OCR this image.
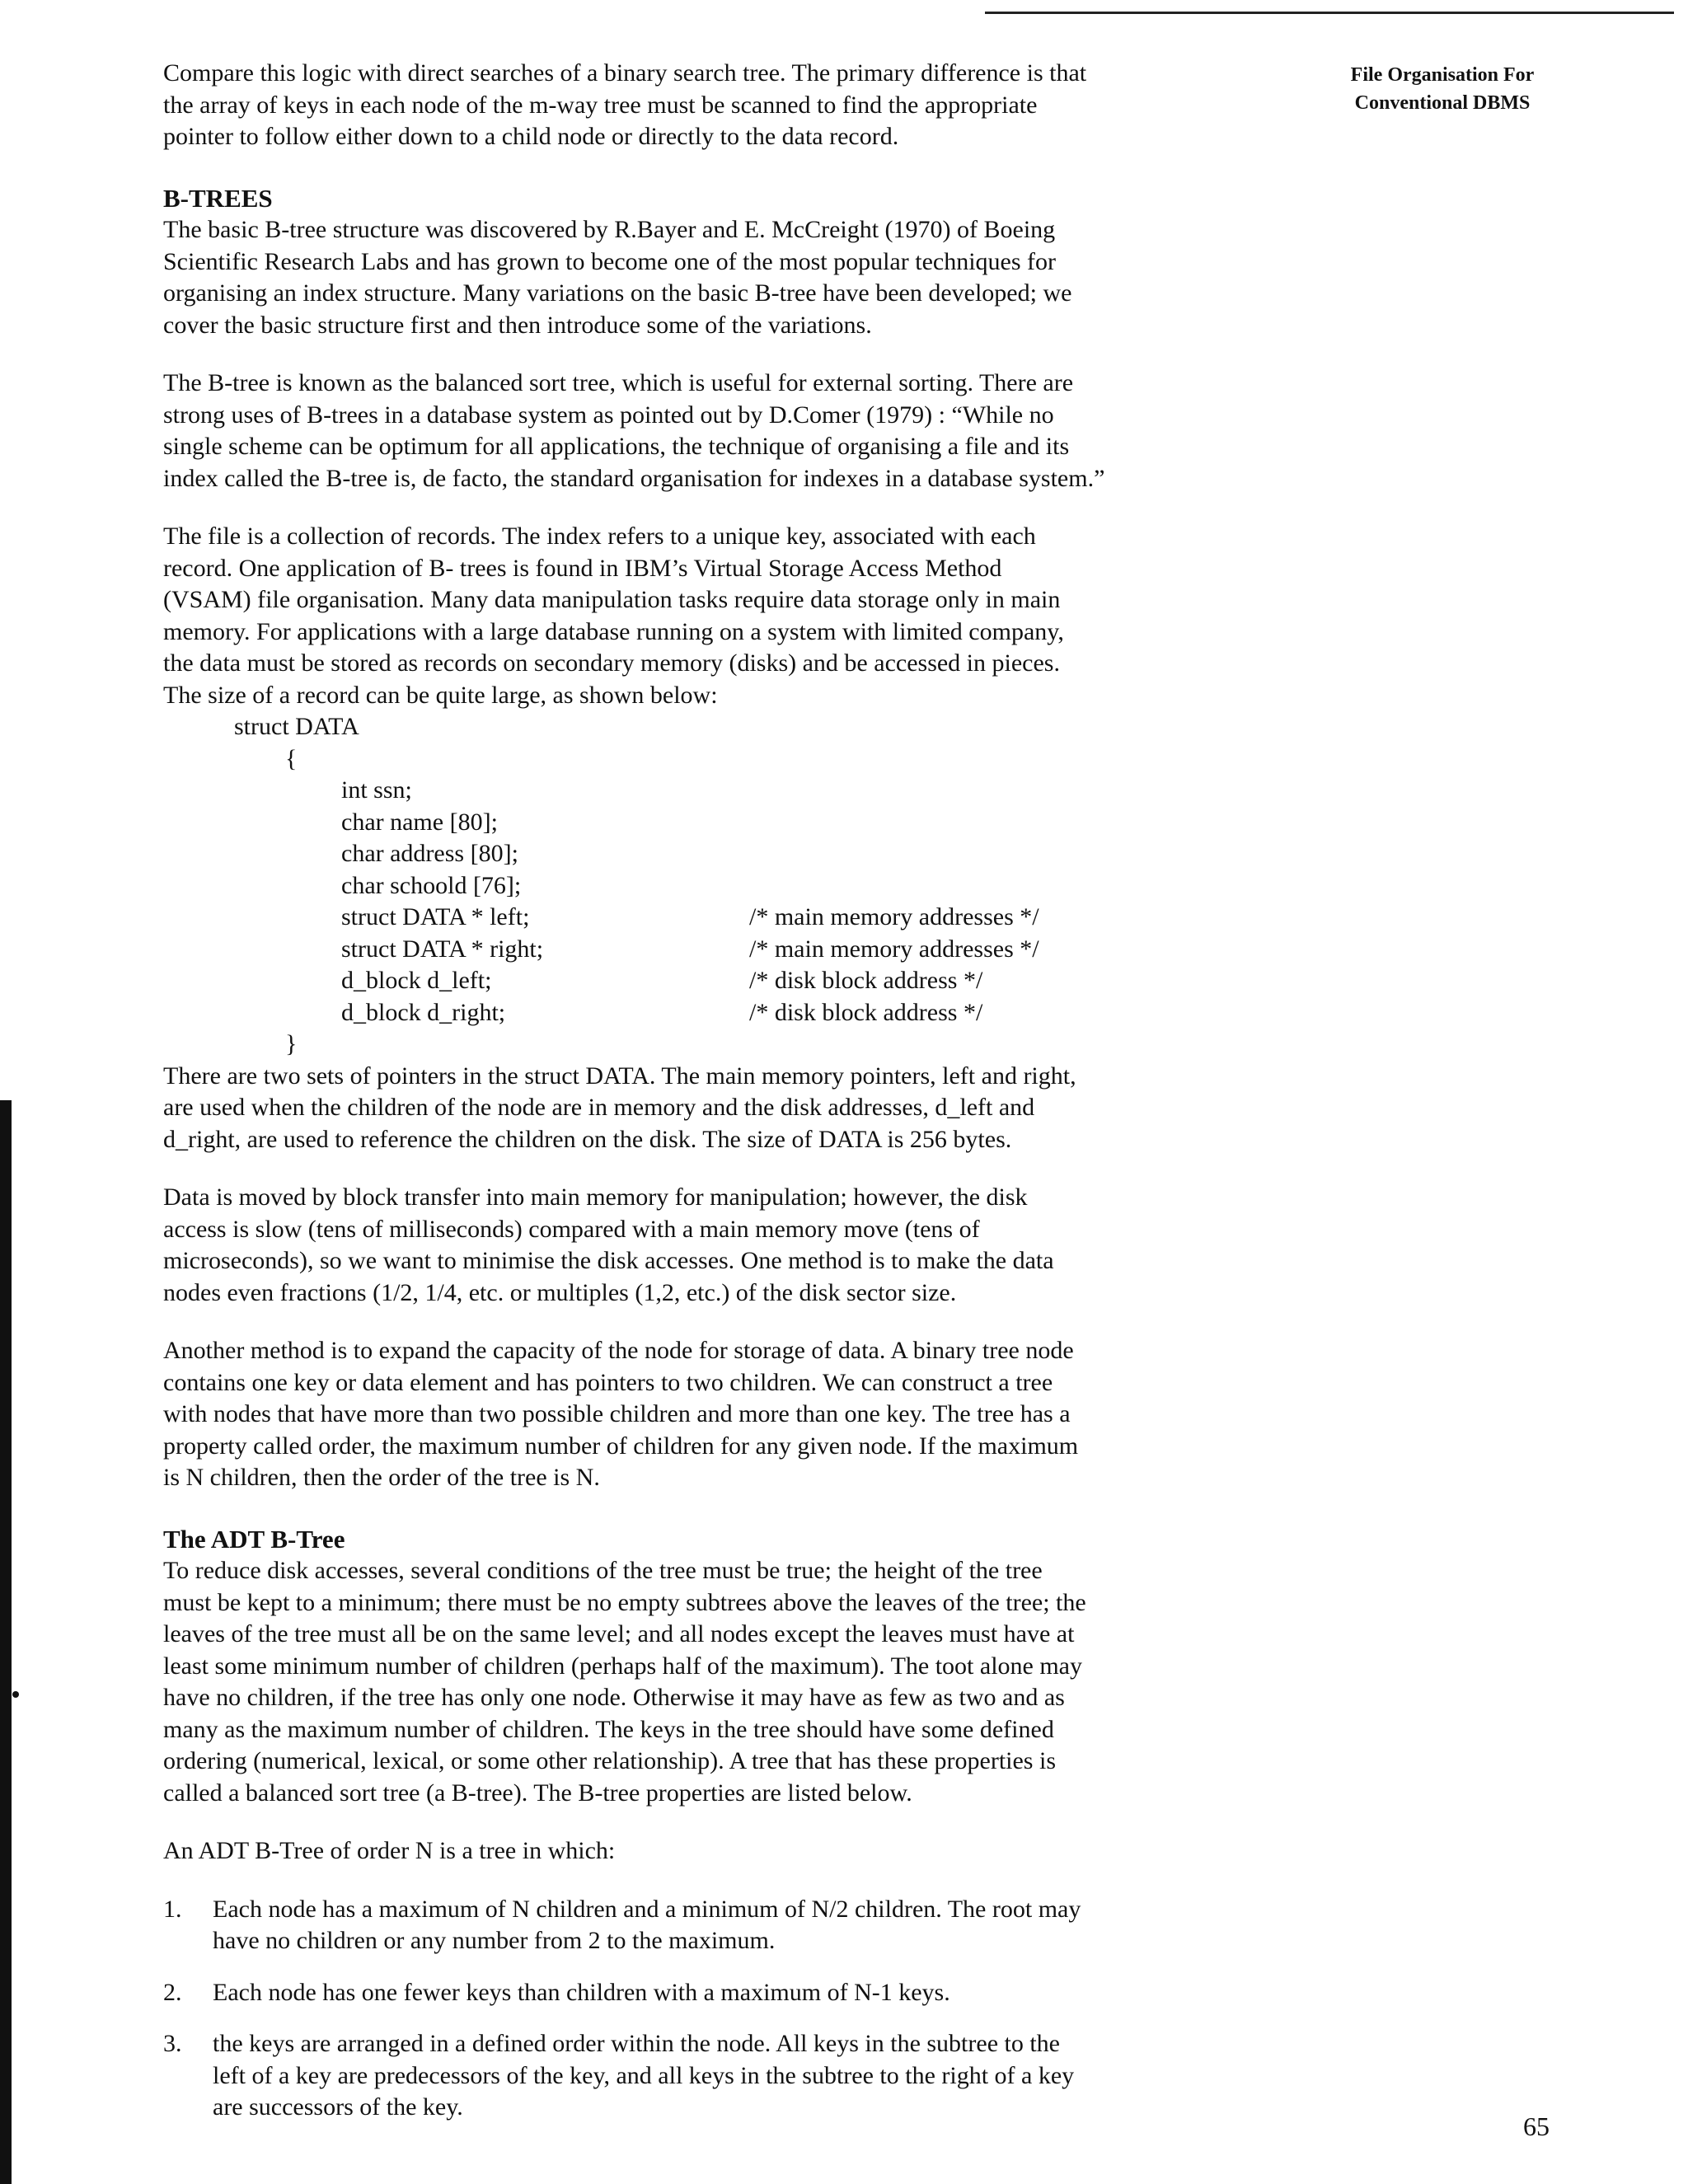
File Organisation For
Conventional DBMS

Compare this logic with direct searches of a binary search tree. The primary difference is that
the array of keys in each node of the m-way tree must be scanned to find the appropriate
pointer to follow either down to a child node or directly to the data record.

B-TREES

The basic B-tree structure was discovered by R.Bayer and E. McCreight (1970) of Boeing
Scientific Research Labs and has grown to become one of the most popular techniques for
organising an index structure. Many variations on the basic B-tree have been developed; we
cover the basic structure first and then introduce some of the variations.

The B-tree is known as the balanced sort tree, which is useful for external sorting. There are
strong uses of B-trees in a database system as pointed out by D.Comer (1979) : “While no
single scheme can be optimum for all applications, the technique of organising a file and its
index called the B-tree is, de facto, the standard organisation for indexes in a database system.”

The file is a collection of records. The index refers to a unique key, associated with each
record. One application of B- trees is found in IBM’s Virtual Storage Access Method
(VSAM) file organisation. Many data manipulation tasks require data storage only in main
memory. For applications with a large database running on a system with limited company,
the data must be stored as records on secondary memory (disks) and be accessed in pieces.
The size of a record can be quite large, as shown below:

struct DATA
{
int ssn;
char name [80];
char address [80];
char schoold [76];
struct DATA * left;	/* main memory addresses */
struct DATA * right;	/* main memory addresses */
d_block d_left;	/* disk block address */
d_block d_right;	/* disk block address */
}

There are two sets of pointers in the struct DATA. The main memory pointers, left and right,
are used when the children of the node are in memory and the disk addresses, d_left and
d_right, are used to reference the children on the disk. The size of DATA is 256 bytes.

Data is moved by block transfer into main memory for manipulation; however, the disk
access is slow (tens of milliseconds) compared with a main memory move (tens of
microseconds), so we want to minimise the disk accesses. One method is to make the data
nodes even fractions (1/2, 1/4, etc. or multiples (1,2, etc.) of the disk sector size.

Another method is to expand the capacity of the node for storage of data. A binary tree node
contains one key or data element and has pointers to two children. We can construct a tree
with nodes that have more than two possible children and more than one key. The tree has a
property called order, the maximum number of children for any given node. If the maximum
is N children, then the order of the tree is N.

The ADT B-Tree

To reduce disk accesses, several conditions of the tree must be true; the height of the tree
must be kept to a minimum; there must be no empty subtrees above the leaves of the tree; the
leaves of the tree must all be on the same level; and all nodes except the leaves must have at
least some minimum number of children (perhaps half of the maximum). The toot alone may
have no children, if the tree has only one node. Otherwise it may have as few as two and as
many as the maximum number of children. The keys in the tree should have some defined
ordering (numerical, lexical, or some other relationship). A tree that has these properties is
called a balanced sort tree (a B-tree). The B-tree properties are listed below.

An ADT B-Tree of order N is a tree in which:

1. Each node has a maximum of N children and a minimum of N/2 children. The root may
have no children or any number from 2 to the maximum.
2. Each node has one fewer keys than children with a maximum of N-1 keys.
3. the keys are arranged in a defined order within the node. All keys in the subtree to the
left of a key are predecessors of the key, and all keys in the subtree to the right of a key
are successors of the key.
65
